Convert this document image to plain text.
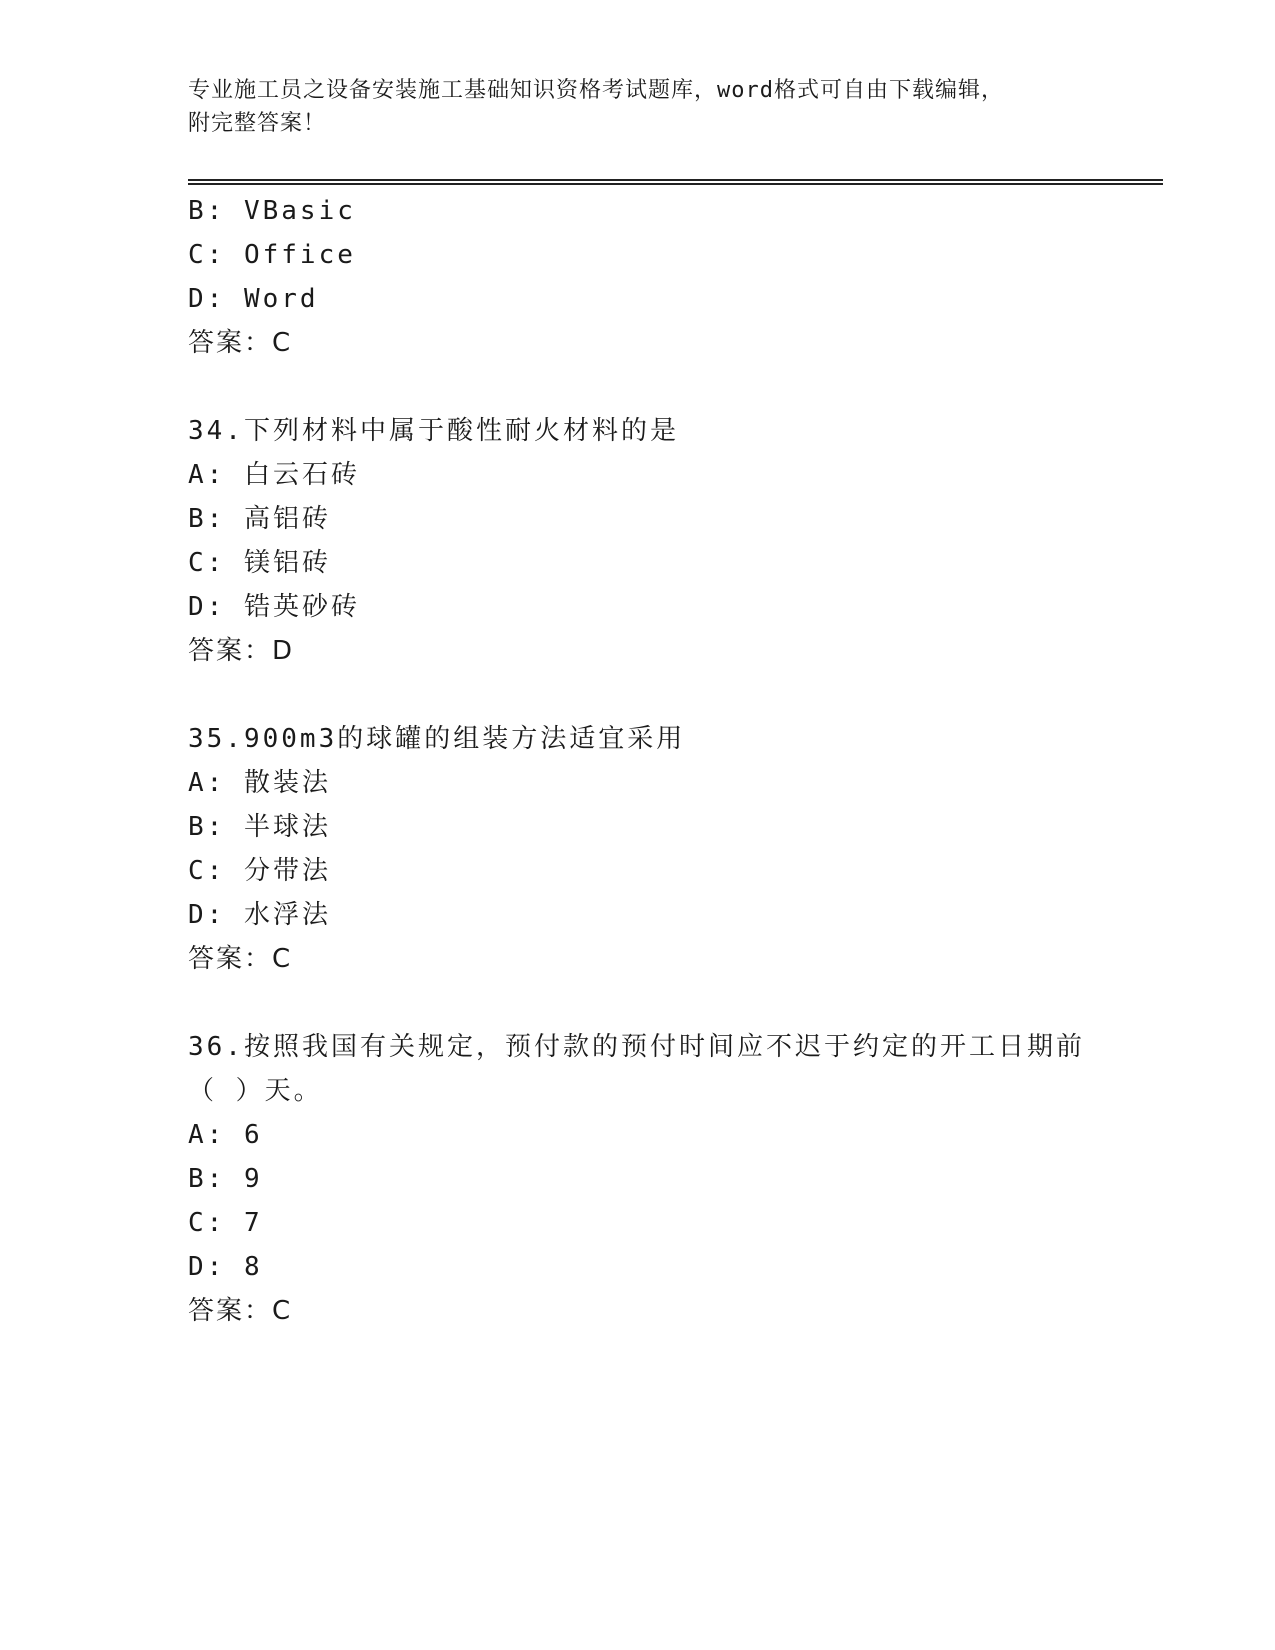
专业施工员之设备安装施工基础知识资格考试题库，word格式可自由下载编辑，
附完整答案！
B: VBasic
C: Office
D: Word
答案：C
34.下列材料中属于酸性耐火材料的是
A: 白云石砖
B: 高铝砖
C: 镁铝砖
D: 锆英砂砖
答案：D
35.900m3的球罐的组装方法适宜采用
A: 散装法
B: 半球法
C: 分带法
D: 水浮法
答案：C
36.按照我国有关规定，预付款的预付时间应不迟于约定的开工日期前
（ ）天。
A: 6
B: 9
C: 7
D: 8
答案：C
